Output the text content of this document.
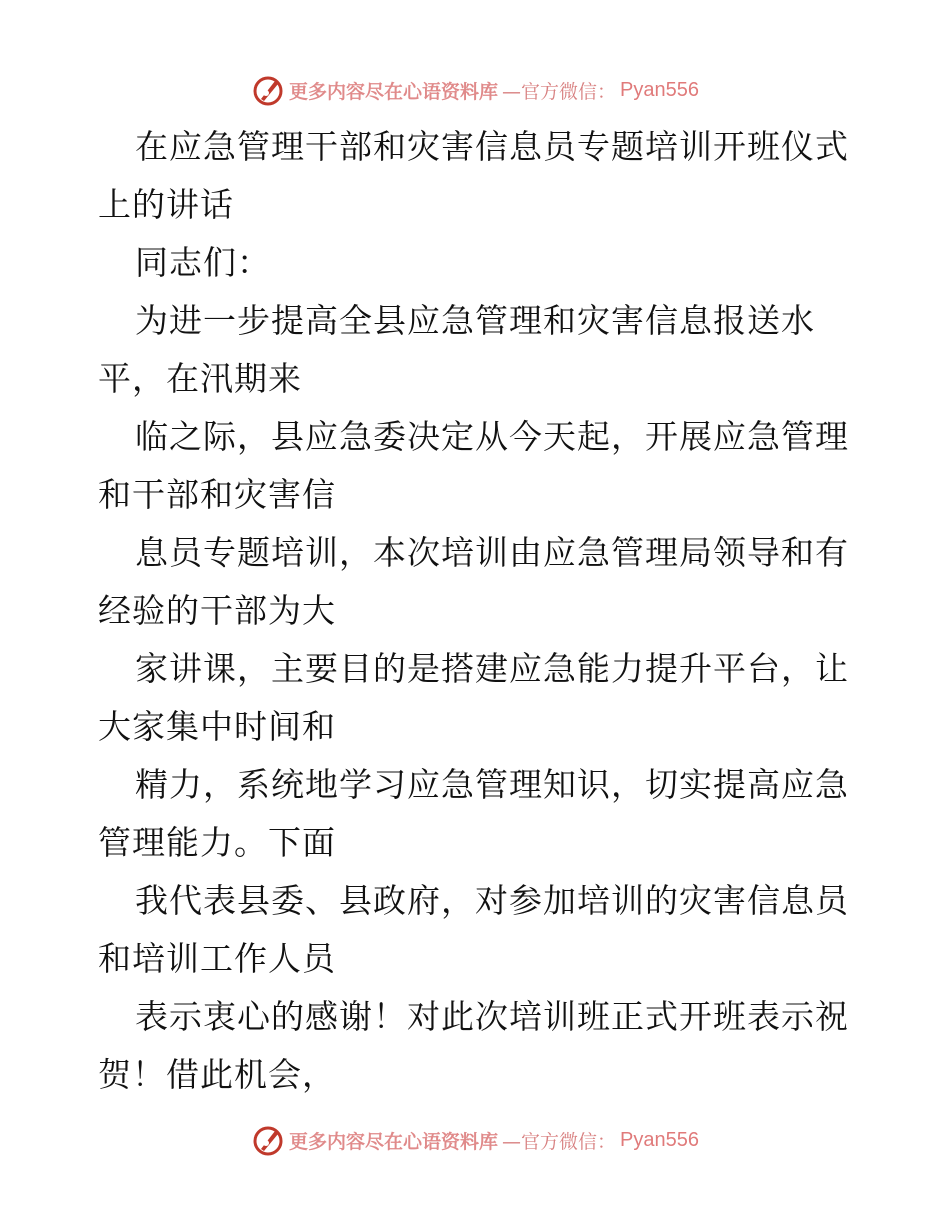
更多内容尽在心语资料库 —官方微信： Pyan556
在应急管理干部和灾害信息员专题培训开班仪式
上的讲话
同志们：
为进一步提高全县应急管理和灾害信息报送水
平，在汛期来
临之际，县应急委决定从今天起，开展应急管理
和干部和灾害信
息员专题培训，本次培训由应急管理局领导和有
经验的干部为大
家讲课，主要目的是搭建应急能力提升平台，让
大家集中时间和
精力，系统地学习应急管理知识，切实提高应急
管理能力。下面
我代表县委、县政府，对参加培训的灾害信息员
和培训工作人员
表示衷心的感谢！对此次培训班正式开班表示祝
贺！借此机会，
更多内容尽在心语资料库 —官方微信： Pyan556
